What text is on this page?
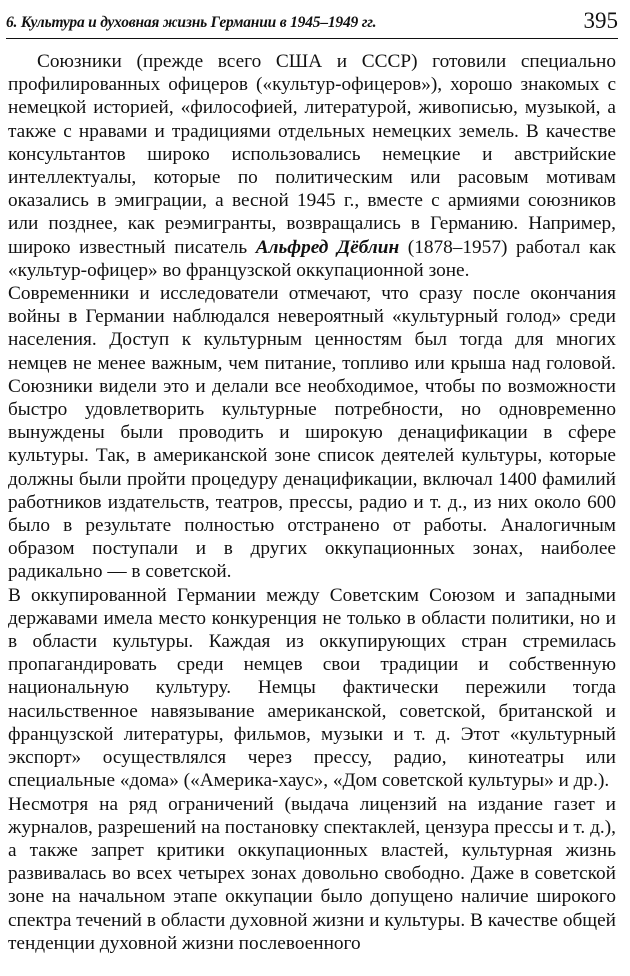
6. Культура и духовная жизнь Германии в 1945–1949 гг.	395

Союзники (прежде всего США и СССР) готовили специально профилированных офицеров («культур-офицеров»), хорошо знакомых с немецкой историей, «философией, литературой, живописью, музыкой, а также с нравами и традициями отдельных немецких земель. В качестве консультантов широко использовались немецкие и австрийские интеллектуалы, которые по политическим или расовым мотивам оказались в эмиграции, а весной 1945 г., вместе с армиями союзников или позднее, как реэмигранты, возвращались в Германию. Например, широко известный писатель Альфред Дёблин (1878–1957) работал как «культур-офицер» во французской оккупационной зоне.

Современники и исследователи отмечают, что сразу после окончания войны в Германии наблюдался невероятный «культурный голод» среди населения. Доступ к культурным ценностям был тогда для многих немцев не менее важным, чем питание, топливо или крыша над головой. Союзники видели это и делали все необходимое, чтобы по возможности быстро удовлетворить культурные потребности, но одновременно вынуждены были проводить и широкую денацификации в сфере культуры. Так, в американской зоне список деятелей культуры, которые должны были пройти процедуру денацификации, включал 1400 фамилий работников издательств, театров, прессы, радио и т. д., из них около 600 было в результате полностью отстранено от работы. Аналогичным образом поступали и в других оккупационных зонах, наиболее радикально — в советской.

В оккупированной Германии между Советским Союзом и западными державами имела место конкуренция не только в области политики, но и в области культуры. Каждая из оккупирующих стран стремилась пропагандировать среди немцев свои традиции и собственную национальную культуру. Немцы фактически пережили тогда насильственное навязывание американской, советской, британской и французской литературы, фильмов, музыки и т. д. Этот «культурный экспорт» осуществлялся через прессу, радио, кинотеатры или специальные «дома» («Америка-хаус», «Дом советской культуры» и др.).

Несмотря на ряд ограничений (выдача лицензий на издание газет и журналов, разрешений на постановку спектаклей, цензура прессы и т. д.), а также запрет критики оккупационных властей, культурная жизнь развивалась во всех четырех зонах довольно свободно. Даже в советской зоне на начальном этапе оккупации было допущено наличие широкого спектра течений в области духовной жизни и культуры. В качестве общей тенденции духовной жизни послевоенного
